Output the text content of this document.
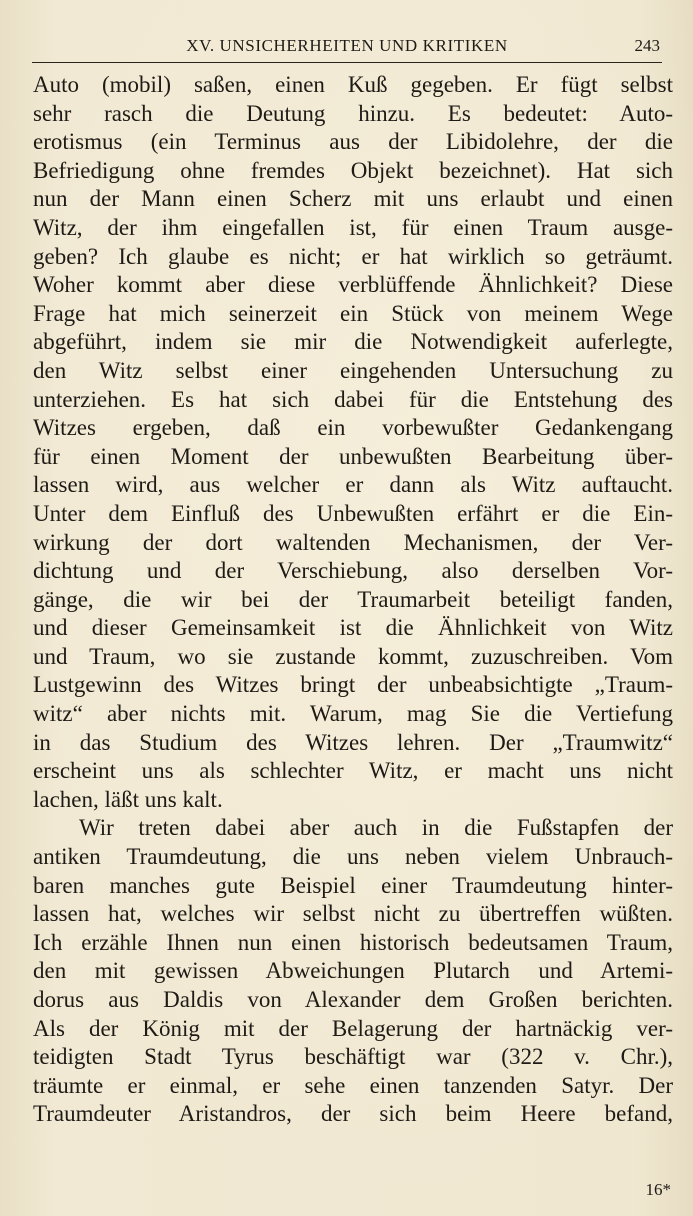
XV. UNSICHERHEITEN UND KRITIKEN	243
Auto (mobil) saßen, einen Kuß gegeben. Er fügt selbst
sehr rasch die Deutung hinzu. Es bedeutet: Auto-
erotismus (ein Terminus aus der Libidolehre, der die
Befriedigung ohne fremdes Objekt bezeichnet). Hat sich
nun der Mann einen Scherz mit uns erlaubt und einen
Witz, der ihm eingefallen ist, für einen Traum ausge-
geben? Ich glaube es nicht; er hat wirklich so geträumt.
Woher kommt aber diese verblüffende Ähnlichkeit? Diese
Frage hat mich seinerzeit ein Stück von meinem Wege
abgeführt, indem sie mir die Notwendigkeit auferlegte,
den Witz selbst einer eingehenden Untersuchung zu
unterziehen. Es hat sich dabei für die Entstehung des
Witzes ergeben, daß ein vorbewußter Gedankengang
für einen Moment der unbewußten Bearbeitung über-
lassen wird, aus welcher er dann als Witz auftaucht.
Unter dem Einfluß des Unbewußten erfährt er die Ein-
wirkung der dort waltenden Mechanismen, der Ver-
dichtung und der Verschiebung, also derselben Vor-
gänge, die wir bei der Traumarbeit beteiligt fanden,
und dieser Gemeinsamkeit ist die Ähnlichkeit von Witz
und Traum, wo sie zustande kommt, zuzuschreiben. Vom
Lustgewinn des Witzes bringt der unbeabsichtigte „Traum-
witz“ aber nichts mit. Warum, mag Sie die Vertiefung
in das Studium des Witzes lehren. Der „Traumwitz“
erscheint uns als schlechter Witz, er macht uns nicht
lachen, läßt uns kalt.
Wir treten dabei aber auch in die Fußstapfen der
antiken Traumdeutung, die uns neben vielem Unbrauch-
baren manches gute Beispiel einer Traumdeutung hinter-
lassen hat, welches wir selbst nicht zu übertreffen wüßten.
Ich erzähle Ihnen nun einen historisch bedeutsamen Traum,
den mit gewissen Abweichungen Plutarch und Artemi-
dorus aus Daldis von Alexander dem Großen berichten.
Als der König mit der Belagerung der hartnäckig ver-
teidigten Stadt Tyrus beschäftigt war (322 v. Chr.),
träumte er einmal, er sehe einen tanzenden Satyr. Der
Traumdeuter Aristandros, der sich beim Heere befand,
16*
